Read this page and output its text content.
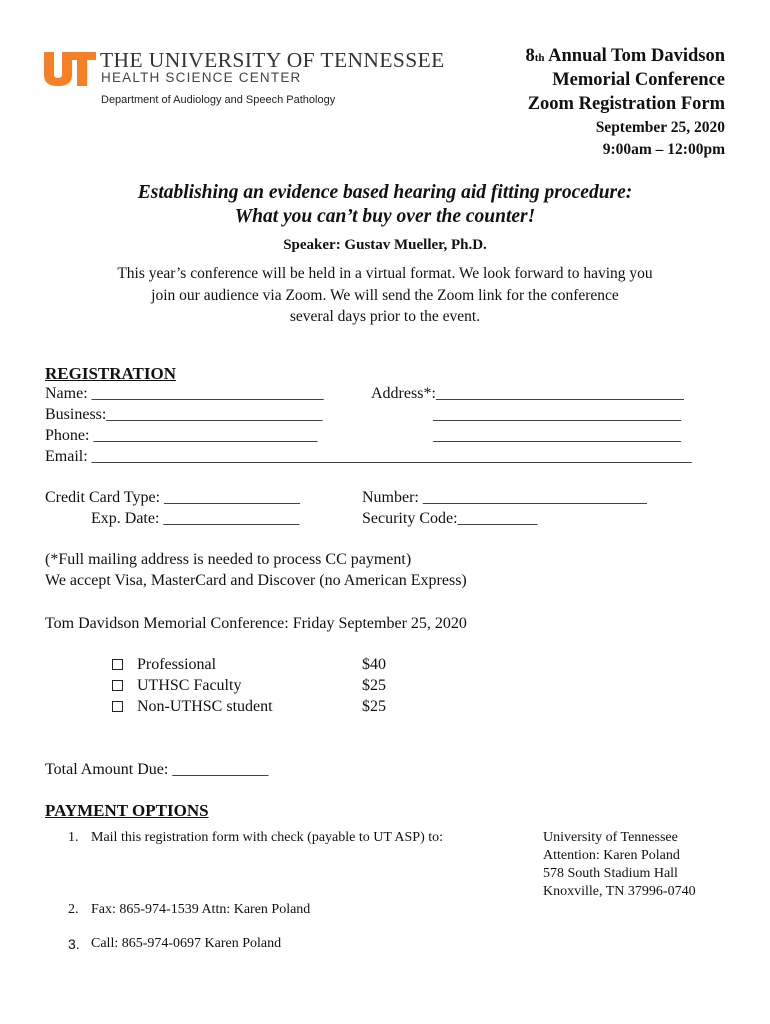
THE UNIVERSITY OF TENNESSEE
HEALTH SCIENCE CENTER
Department of Audiology and Speech Pathology
8th Annual Tom Davidson
Memorial Conference
Zoom Registration Form
September 25, 2020
9:00am – 12:00pm
Establishing an evidence based hearing aid fitting procedure:
What you can’t buy over the counter!
Speaker: Gustav Mueller, Ph.D.
This year’s conference will be held in a virtual format. We look forward to having you
join our audience via Zoom. We will send the Zoom link for the conference
several days prior to the event.
REGISTRATION
Name: _____________________________	Address*:_______________________________
Business:___________________________	_______________________________
Phone: ____________________________	_______________________________
Email: ___________________________________________________________________________
Credit Card Type: _________________	Number: ____________________________
Exp. Date: _________________	Security Code:__________
(*Full mailing address is needed to process CC payment)
We accept Visa, MasterCard and Discover (no American Express)
Tom Davidson Memorial Conference: Friday September 25, 2020
Professional	$40
UTHSC Faculty	$25
Non-UTHSC student	$25
Total Amount Due: ____________
PAYMENT OPTIONS
1. Mail this registration form with check (payable to UT ASP) to:	University of Tennessee
Attention: Karen Poland
578 South Stadium Hall
Knoxville, TN 37996-0740
2. Fax: 865-974-1539 Attn: Karen Poland
3. Call: 865-974-0697 Karen Poland
